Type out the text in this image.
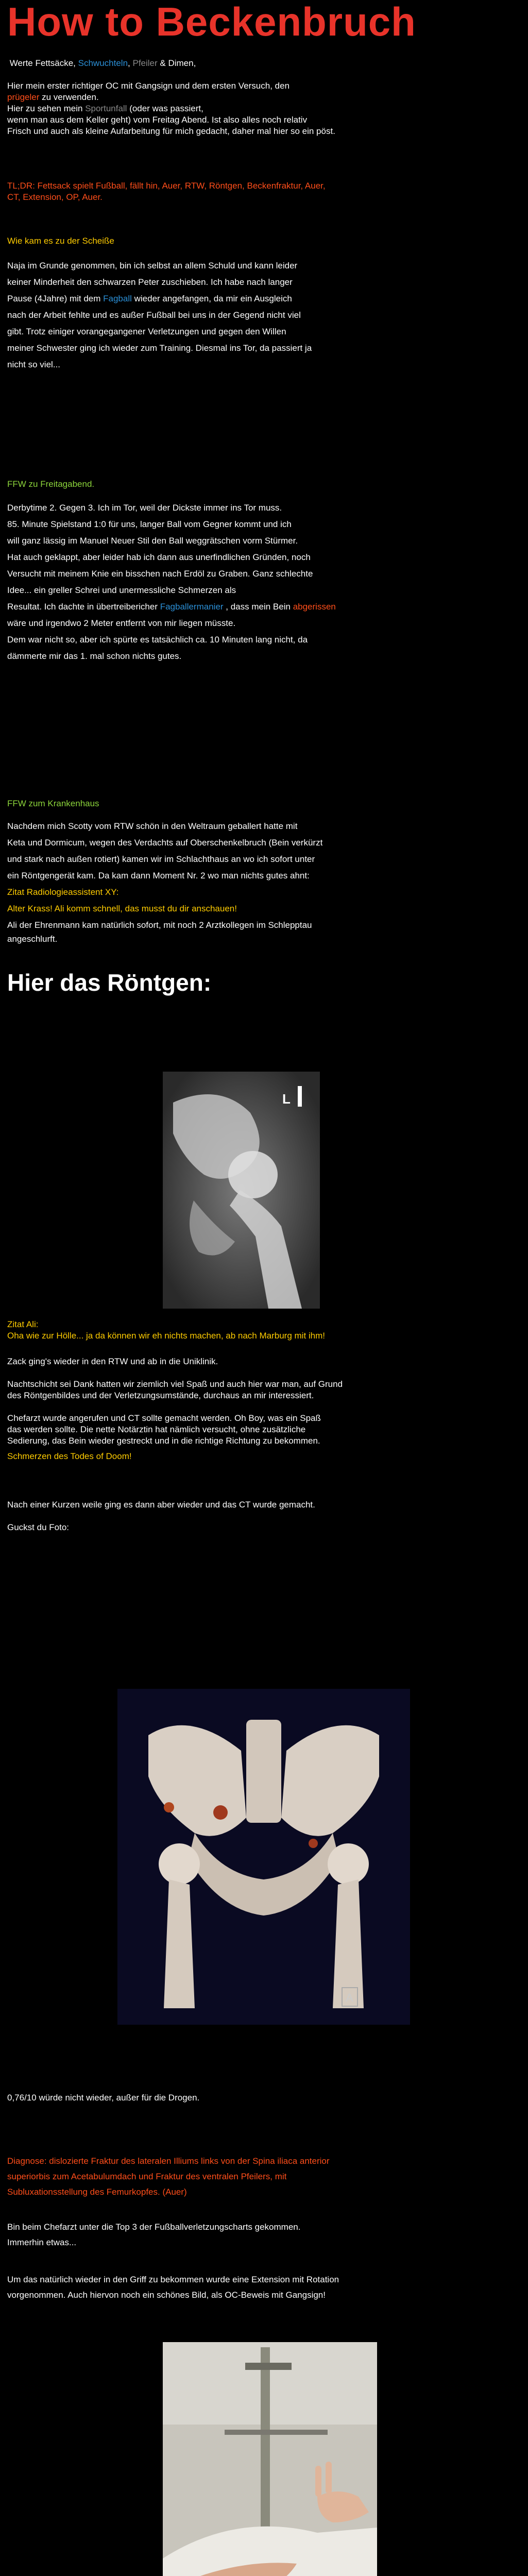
How to Beckenbruch

Werte Fettsäcke, Schwuchteln, Pfeiler & Dimen,

Hier mein erster richtiger OC mit Gangsign und dem ersten Versuch, den

prügeler zu verwenden.

Hier zu sehen mein Sportunfall (oder was passiert,

wenn man aus dem Keller geht) vom Freitag Abend. Ist also alles noch relativ

Frisch und auch als kleine Aufarbeitung für mich gedacht, daher mal hier so ein pöst.

TL;DR: Fettsack spielt Fußball, fällt hin, Auer, RTW, Röntgen, Beckenfraktur, Auer,

CT, Extension, OP, Auer.

Wie kam es zu der Scheiße

Naja im Grunde genommen, bin ich selbst an allem Schuld und kann leider

keiner Minderheit den schwarzen Peter zuschieben. Ich habe nach langer

Pause (4Jahre) mit dem Fagball wieder angefangen, da mir ein Ausgleich

nach der Arbeit fehlte und es außer Fußball bei uns in der Gegend nicht viel

gibt. Trotz einiger vorangegangener Verletzungen und gegen den Willen

meiner Schwester ging ich wieder zum Training. Diesmal ins Tor, da passiert ja

nicht so viel...

FFW zu Freitagabend.

Derbytime 2. Gegen 3. Ich im Tor, weil der Dickste immer ins Tor muss.

85. Minute Spielstand 1:0 für uns, langer Ball vom Gegner kommt und ich

will ganz lässig im Manuel Neuer Stil den Ball weggrätschen vorm Stürmer.

Hat auch geklappt, aber leider hab ich dann aus unerfindlichen Gründen, noch

Versucht mit meinem Knie ein bisschen nach Erdöl zu Graben. Ganz schlechte

Idee... ein greller Schrei und unermessliche Schmerzen als

Resultat. Ich dachte in übertreibericher Fagballermanier , dass mein Bein abgerissen

wäre und irgendwo 2 Meter entfernt von mir liegen müsste.

Dem war nicht so, aber ich spürte es tatsächlich ca. 10 Minuten lang nicht, da

dämmerte mir das 1. mal schon nichts gutes.

FFW zum Krankenhaus

Nachdem mich Scotty vom RTW schön in den Weltraum geballert hatte mit

Keta und Dormicum, wegen des Verdachts auf Oberschenkelbruch (Bein verkürzt

und stark nach außen rotiert) kamen wir im Schlachthaus an wo ich sofort unter

ein Röntgengerät kam. Da kam dann Moment Nr. 2 wo man nichts gutes ahnt:

Zitat Radiologieassistent XY:

Alter Krass! Ali komm schnell, das musst du dir anschauen!

Ali der Ehrenmann kam natürlich sofort, mit noch 2 Arztkollegen im Schlepptau

angeschlurft.

Hier das Röntgen:
L

Zitat Ali:

Oha wie zur Hölle... ja da können wir eh nichts machen, ab nach Marburg mit ihm!

Zack ging's wieder in den RTW und ab in die Uniklinik.

Nachtschicht sei Dank hatten wir ziemlich viel Spaß und auch hier war man, auf Grund

des Röntgenbildes und der Verletzungsumstände, durchaus an mir interessiert.

Chefarzt wurde angerufen und CT sollte gemacht werden. Oh Boy, was ein Spaß

das werden sollte. Die nette Notärztin hat nämlich versucht, ohne zusätzliche

Sedierung, das Bein wieder gestreckt und in die richtige Richtung zu bekommen.

Schmerzen des Todes of Doom!

Nach einer Kurzen weile ging es dann aber wieder und das CT wurde gemacht.

Guckst du Foto:

A
0,76/10 würde nicht wieder, außer für die Drogen.

Diagnose: dislozierte Fraktur des lateralen Illiums links von der Spina iliaca anterior

superiorbis zum Acetabulumdach und Fraktur des ventralen Pfeilers, mit

Subluxationsstellung des Femurkopfes. (Auer)

Bin beim Chefarzt unter die Top 3 der Fußballverletzungscharts gekommen.

Immerhin etwas...

Um das natürlich wieder in den Griff zu bekommen wurde eine Extension mit Rotation

vorgenommen. Auch hiervon noch ein schönes Bild, als OC-Beweis mit Gangsign!
